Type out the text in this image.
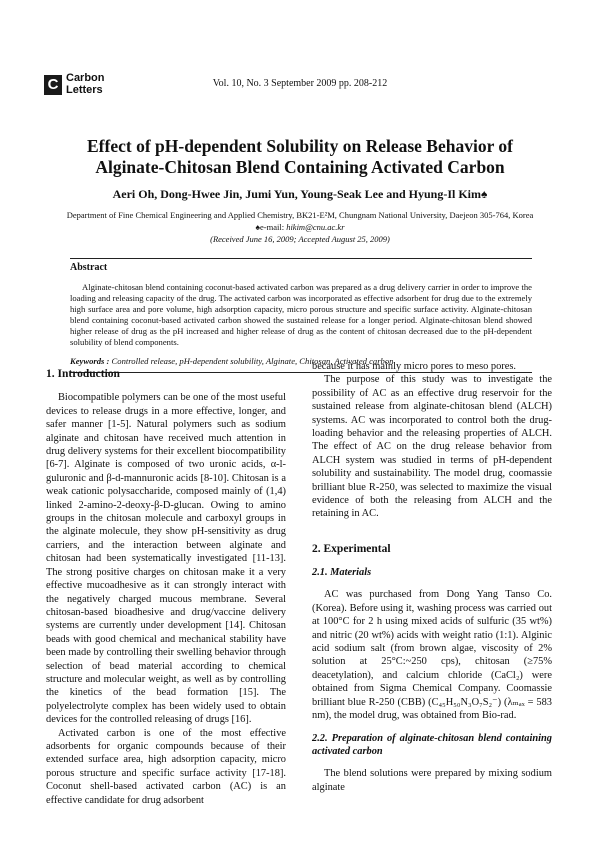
C Carbon
Letters
Vol. 10, No. 3 September 2009 pp. 208-212
Effect of pH-dependent Solubility on Release Behavior of
Alginate-Chitosan Blend Containing Activated Carbon
Aeri Oh, Dong-Hwee Jin, Jumi Yun, Young-Seak Lee and Hyung-Il Kim♠
Department of Fine Chemical Engineering and Applied Chemistry, BK21-E²M, Chungnam National University, Daejeon 305-764, Korea
♠e-mail: hikim@cnu.ac.kr
(Received June 16, 2009; Accepted August 25, 2009)
Abstract

Alginate-chitosan blend containing coconut-based activated carbon was prepared as a drug delivery carrier in order to improve the loading and releasing capacity of the drug. The activated carbon was incorporated as effective adsorbent for drug due to the extremely high surface area and pore volume, high adsorption capacity, micro porous structure and specific surface activity. Alginate-chitosan blend containing coconut-based activated carbon showed the sustained release for a longer period. Alginate-chitosan blend showed higher release of drug as the pH increased and higher release of drug as the content of chitosan decreased due to the pH-dependent solubility of blend components.

Keywords : Controlled release, pH-dependent solubility, Alginate, Chitosan, Activated carbon
1. Introduction

Biocompatible polymers can be one of the most useful devices to release drugs in a more effective, longer, and safer manner [1-5]. Natural polymers such as sodium alginate and chitosan have received much attention in drug delivery systems for their excellent biocompatibility [6-7]. Alginate is composed of two uronic acids, α-l-guluronic and β-d-mannuronic acids [8-10]. Chitosan is a weak cationic polysaccharide, composed mainly of (1,4) linked 2-amino-2-deoxy-β-D-glucan. Owing to amino groups in the chitosan molecule and carboxyl groups in the alginate molecule, they show pH-sensitivity as drug carriers, and the interaction between alginate and chitosan had been systematically investigated [11-13]. The strong positive charges on chitosan make it a very effective mucoadhesive as it can strongly interact with the negatively charged mucous membrane. Several chitosan-based bioadhesive and drug/vaccine delivery systems are currently under development [14]. Chitosan beads with good chemical and mechanical stability have been made by controlling their swelling behavior through selection of bead material according to chemical structure and molecular weight, as well as by controlling the kinetics of the bead formation [15]. The polyelectrolyte complex has been widely used to obtain devices for the controlled releasing of drugs [16].

Activated carbon is one of the most effective adsorbents for organic compounds because of their extended surface area, high adsorption capacity, micro porous structure and specific surface activity [17-18]. Coconut shell-based activated carbon (AC) is an effective candidate for drug adsorbent

because it has mainly micro pores to meso pores.

The purpose of this study was to investigate the possibility of AC as an effective drug reservoir for the sustained release from alginate-chitosan blend (ALCH) systems. AC was incorporated to control both the drug-loading behavior and the releasing properties of ALCH. The effect of AC on the drug release behavior from ALCH system was studied in terms of pH-dependent solubility and sustainability. The model drug, coomassie brilliant blue R-250, was selected to maximize the visual evidence of both the releasing from ALCH and the retaining in AC.

2. Experimental
2.1. Materials

AC was purchased from Dong Yang Tanso Co. (Korea). Before using it, washing process was carried out at 100°C for 2 h using mixed acids of sulfuric (35 wt%) and nitric (20 wt%) acids with weight ratio (1:1). Alginic acid sodium salt (from brown algae, viscosity of 2% solution at 25°C:~250 cps), chitosan (≥75% deacetylation), and calcium chloride (CaCl₂) were obtained from Sigma Chemical Company. Coomassie brilliant blue R-250 (CBB) (C₄₅H₅₀N₃O₇S₂⁻) (λₘₐₓ = 583 nm), the model drug, was obtained from Bio-rad.

2.2. Preparation of alginate-chitosan blend containing activated carbon

The blend solutions were prepared by mixing sodium alginate
